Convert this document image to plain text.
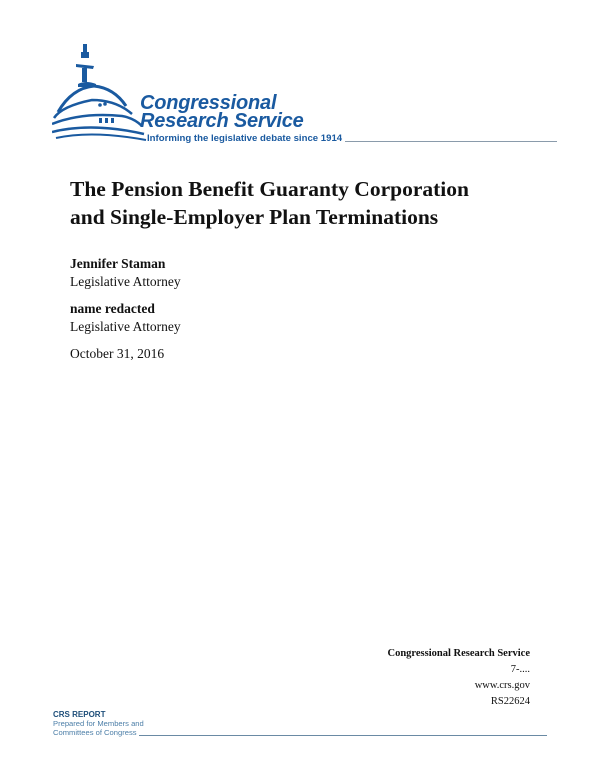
Congressional
Research Service
Informing the legislative debate since 1914
The Pension Benefit Guaranty Corporation
and Single-Employer Plan Terminations
Jennifer Staman
Legislative Attorney
name redacted
Legislative Attorney
October 31, 2016
Congressional Research Service
7-....
www.crs.gov
RS22624
CRS REPORT
Prepared for Members and
Committees of Congress
